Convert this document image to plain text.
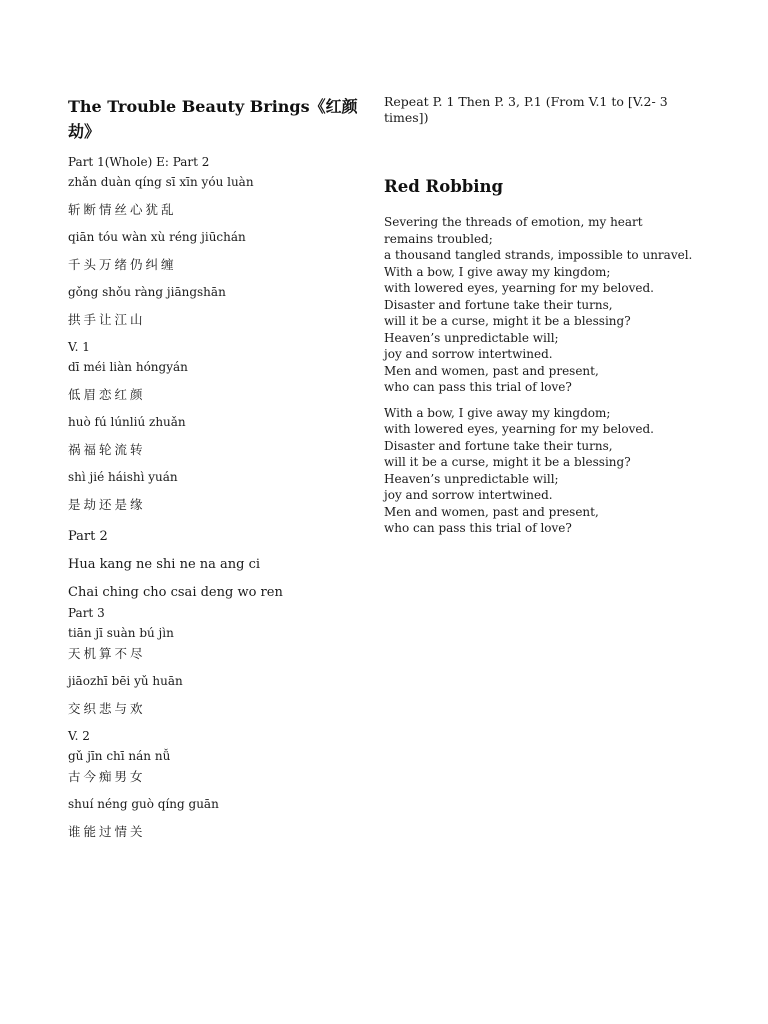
The Trouble Beauty Brings《红颜劫》
Part 1(Whole) E: Part 2
zhǎn duàn qíng sī xīn yóu luàn
斩断情丝心犹乱
qiān tóu wàn xù réng jiūchán
千头万绪仍纠缠
gǒng shǒu ràng jiāngshān
拱手让江山
V. 1
dī méi liàn hóngyán
低眉恋红颜
huò fú lúnliú zhuǎn
祸福轮流转
shì jié háishì yuán
是劫还是缘
Part 2
Hua kang ne shi ne na ang ci
Chai ching cho csai deng wo ren
Part 3
tiān jī suàn bú jìn
天机算不尽
jiāozhī bēi yǔ huān
交织悲与欢
V. 2
gǔ jīn chī nán nǚ
古今痴男女
shuí néng guò qíng guān
谁能过情关

Repeat P. 1 Then P. 3, P.1 (From V.1 to [V.2- 3 times])

Red Robbing
Severing the threads of emotion, my heart
remains troubled;
a thousand tangled strands, impossible to unravel.
With a bow, I give away my kingdom;
with lowered eyes, yearning for my beloved.
Disaster and fortune take their turns,
will it be a curse, might it be a blessing?
Heaven’s unpredictable will;
joy and sorrow intertwined.
Men and women, past and present,
who can pass this trial of love?
With a bow, I give away my kingdom;
with lowered eyes, yearning for my beloved.
Disaster and fortune take their turns,
will it be a curse, might it be a blessing?
Heaven’s unpredictable will;
joy and sorrow intertwined.
Men and women, past and present,
who can pass this trial of love?
